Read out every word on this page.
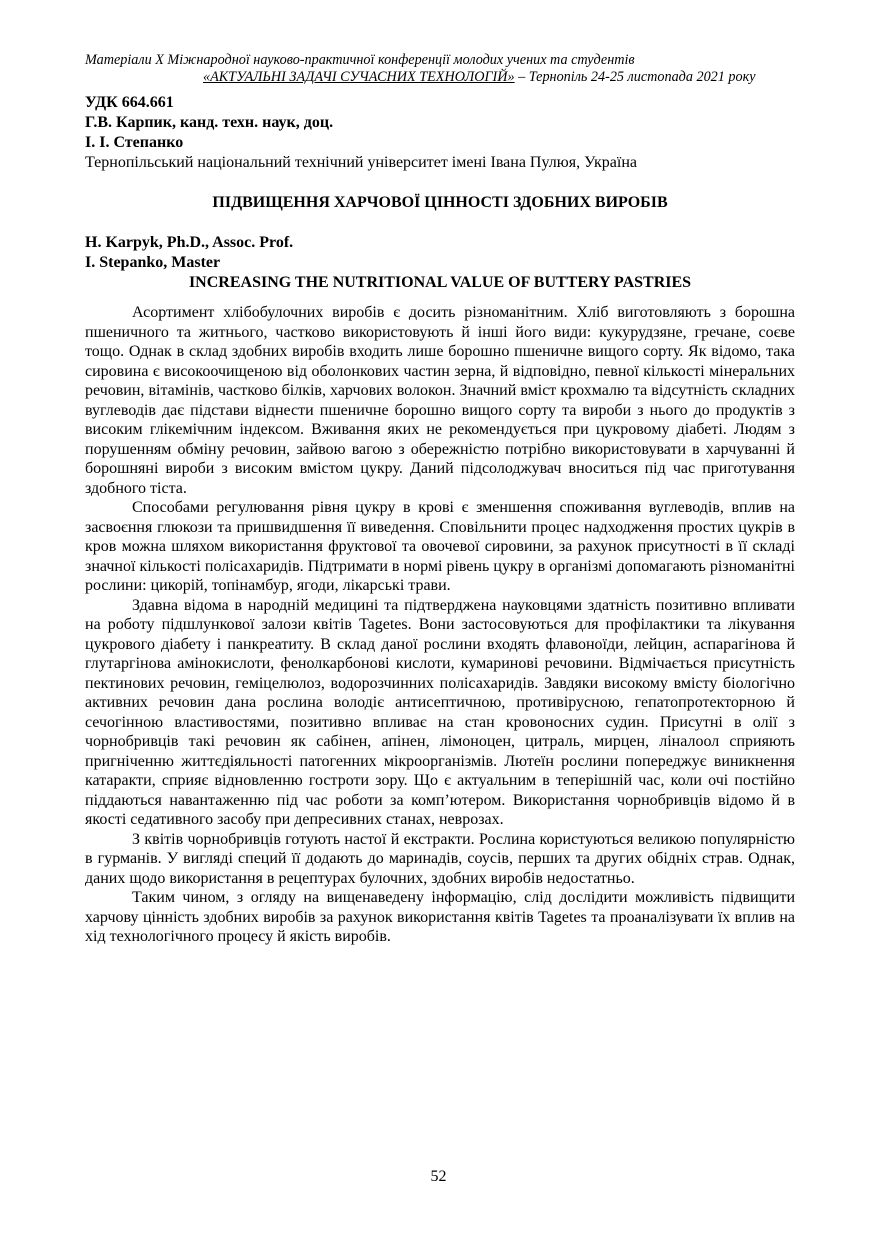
Матеріали X Міжнародної науково-практичної конференції молодих учених та студентів
«АКТУАЛЬНІ ЗАДАЧІ СУЧАСНИХ ТЕХНОЛОГІЙ» – Тернопіль 24-25 листопада 2021 року
УДК 664.661
Г.В. Карпик, канд. техн. наук, доц.
І. І. Степанко
Тернопільський національний технічний університет імені Івана Пулюя, Україна
ПІДВИЩЕННЯ ХАРЧОВОЇ ЦІННОСТІ ЗДОБНИХ ВИРОБІВ
H. Karpyk, Ph.D., Assoc. Prof.
I. Stepanko, Master
INCREASING THE NUTRITIONAL VALUE OF BUTTERY PASTRIES

Асортимент хлібобулочних виробів є досить різноманітним. Хліб виготовляють з борошна пшеничного та житнього, частково використовують й інші його види: кукурудзяне, гречане, соєве тощо. Однак в склад здобних виробів входить лише борошно пшеничне вищого сорту. Як відомо, така сировина є високоочищеною від оболонкових частин зерна, й відповідно, певної кількості мінеральних речовин, вітамінів, частково білків, харчових волокон. Значний вміст крохмалю та відсутність складних вуглеводів дає підстави віднести пшеничне борошно вищого сорту та вироби з нього до продуктів з високим глікемічним індексом. Вживання яких не рекомендується при цукровому діабеті. Людям з порушенням обміну речовин, зайвою вагою з обережністю потрібно використовувати в харчуванні й борошняні вироби з високим вмістом цукру. Даний підсолоджувач вноситься під час приготування здобного тіста.

Способами регулювання рівня цукру в крові є зменшення споживання вуглеводів, вплив на засвоєння глюкози та пришвидшення її виведення. Сповільнити процес надходження простих цукрів в кров можна шляхом використання фруктової та овочевої сировини, за рахунок присутності в її складі значної кількості полісахаридів. Підтримати в нормі рівень цукру в організмі допомагають різноманітні рослини: цикорій, топінамбур, ягоди, лікарські трави.

Здавна відома в народній медицині та підтверджена науковцями здатність позитивно впливати на роботу підшлункової залози квітів Tagetes. Вони застосовуються для профілактики та лікування цукрового діабету і панкреатиту. В склад даної рослини входять флавоноїди, лейцин, аспарагінова й глутаргінова амінокислоти, фенолкарбонові кислоти, кумаринові речовини. Відмічається присутність пектинових речовин, геміцелюлоз, водорозчинних полісахаридів. Завдяки високому вмісту біологічно активних речовин дана рослина володіє антисептичною, противірусною, гепатопротекторною й сечогінною властивостями, позитивно впливає на стан кровоносних судин. Присутні в олії з чорнобривців такі речовин як сабінен, апінен, лімоноцен, цитраль, мирцен, ліналоол сприяють пригніченню життєдіяльності патогенних мікроорганізмів. Лютеїн рослини попереджує виникнення катаракти, сприяє відновленню гостроти зору. Що є актуальним в теперішній час, коли очі постійно піддаються навантаженню під час роботи за комп’ютером. Використання чорнобривців відомо й в якості седативного засобу при депресивних станах, неврозах.

З квітів чорнобривців готують настої й екстракти. Рослина користуються великою популярністю в гурманів. У вигляді специй її додають до маринадів, соусів, перших та других обідніх страв. Однак, даних щодо використання в рецептурах булочних, здобних виробів недостатньо.

Таким чином, з огляду на вищенаведену інформацію, слід дослідити можливість підвищити харчову цінність здобних виробів за рахунок використання квітів Tagetes та проаналізувати їх вплив на хід технологічного процесу й якість виробів.

52
